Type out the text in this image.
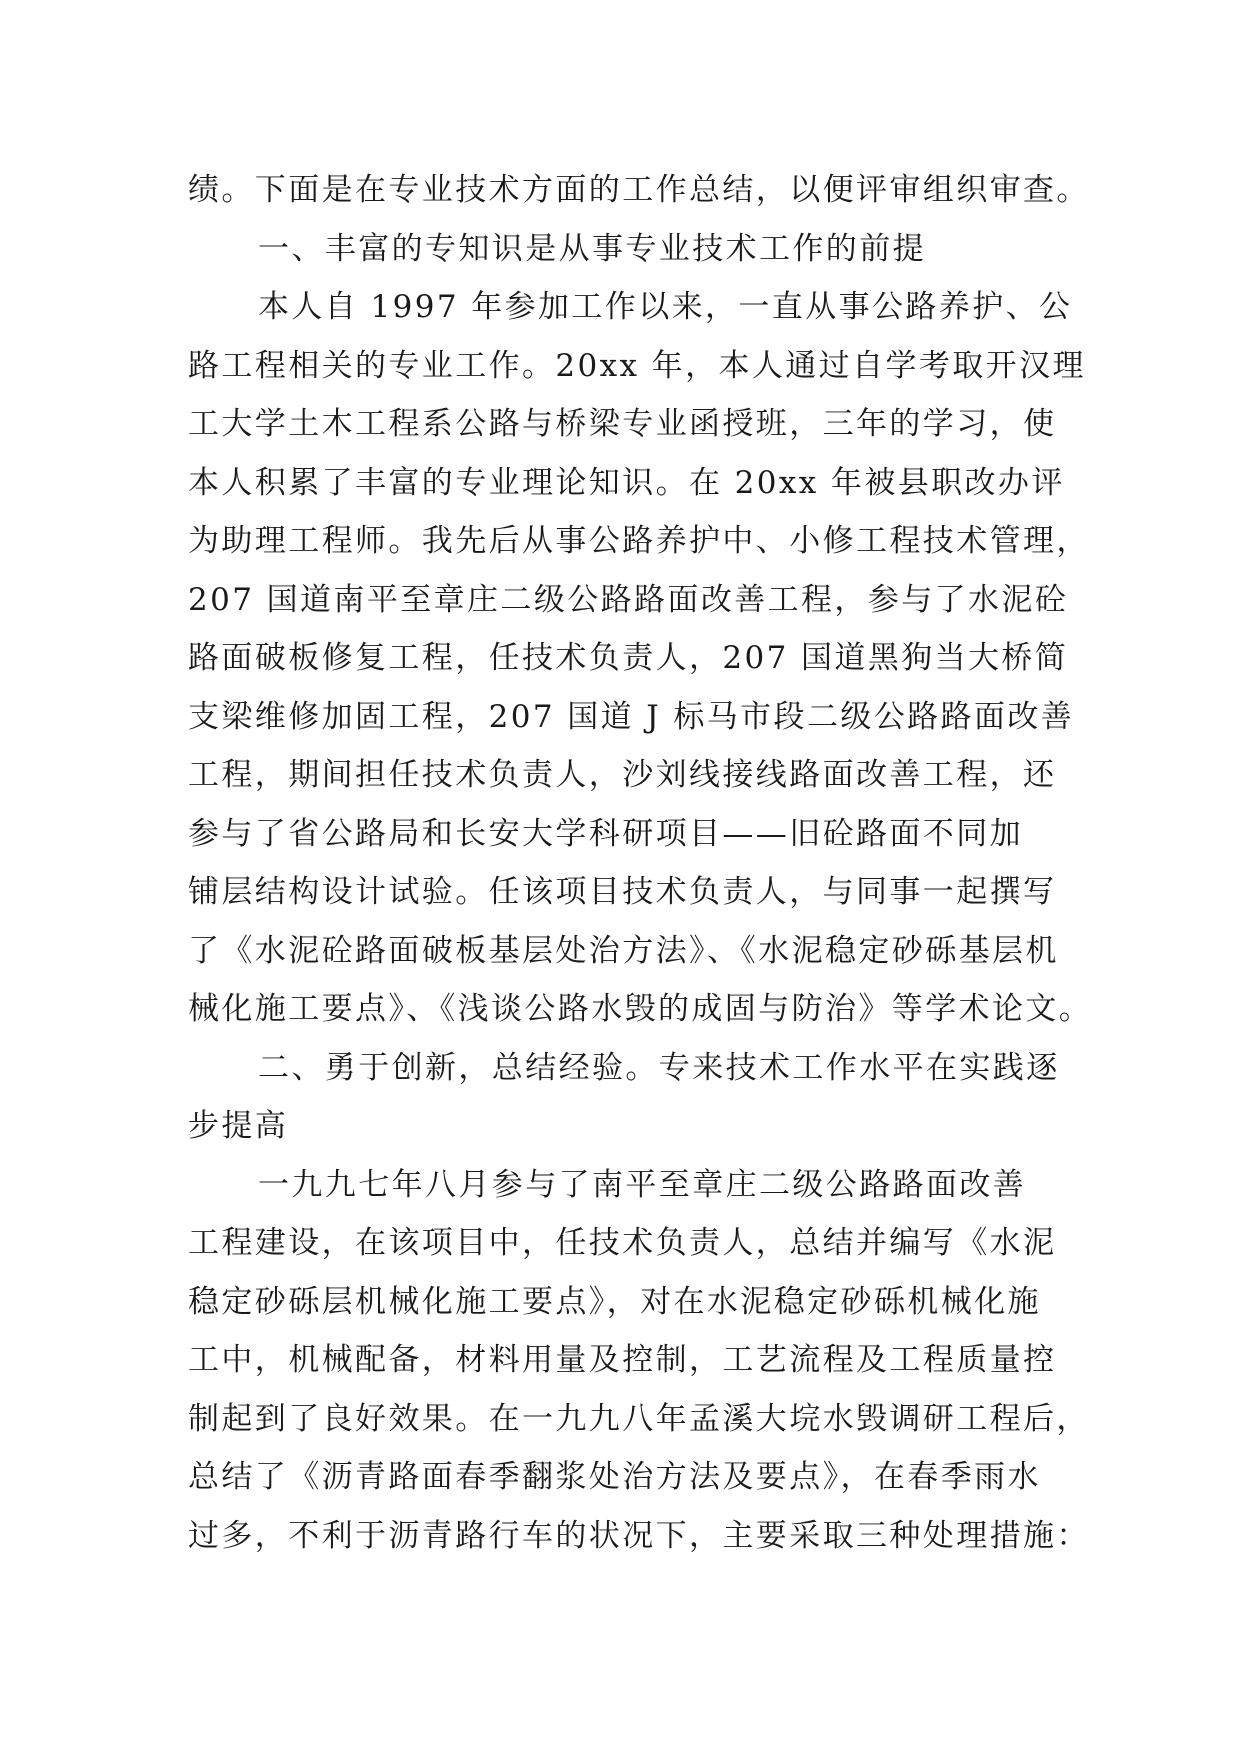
绩。下面是在专业技术方面的工作总结，以便评审组织审查。
一、丰富的专知识是从事专业技术工作的前提
本人自 1997 年参加工作以来，一直从事公路养护、公
路工程相关的专业工作。20xx 年，本人通过自学考取开汉理
工大学土木工程系公路与桥梁专业函授班，三年的学习，使
本人积累了丰富的专业理论知识。在 20xx 年被县职改办评
为助理工程师。我先后从事公路养护中、小修工程技术管理，
207 国道南平至章庄二级公路路面改善工程，参与了水泥砼
路面破板修复工程，任技术负责人，207 国道黑狗当大桥简
支梁维修加固工程，207 国道 J 标马市段二级公路路面改善
工程，期间担任技术负责人，沙刘线接线路面改善工程，还
参与了省公路局和长安大学科研项目——旧砼路面不同加
铺层结构设计试验。任该项目技术负责人，与同事一起撰写
了《水泥砼路面破板基层处治方法》、《水泥稳定砂砾基层机
械化施工要点》、《浅谈公路水毁的成固与防治》等学术论文。
二、勇于创新，总结经验。专来技术工作水平在实践逐
步提高
一九九七年八月参与了南平至章庄二级公路路面改善
工程建设，在该项目中，任技术负责人，总结并编写《水泥
稳定砂砾层机械化施工要点》，对在水泥稳定砂砾机械化施
工中，机械配备，材料用量及控制，工艺流程及工程质量控
制起到了良好效果。在一九九八年孟溪大垸水毁调研工程后，
总结了《沥青路面春季翻浆处治方法及要点》，在春季雨水
过多，不利于沥青路行车的状况下，主要采取三种处理措施：
